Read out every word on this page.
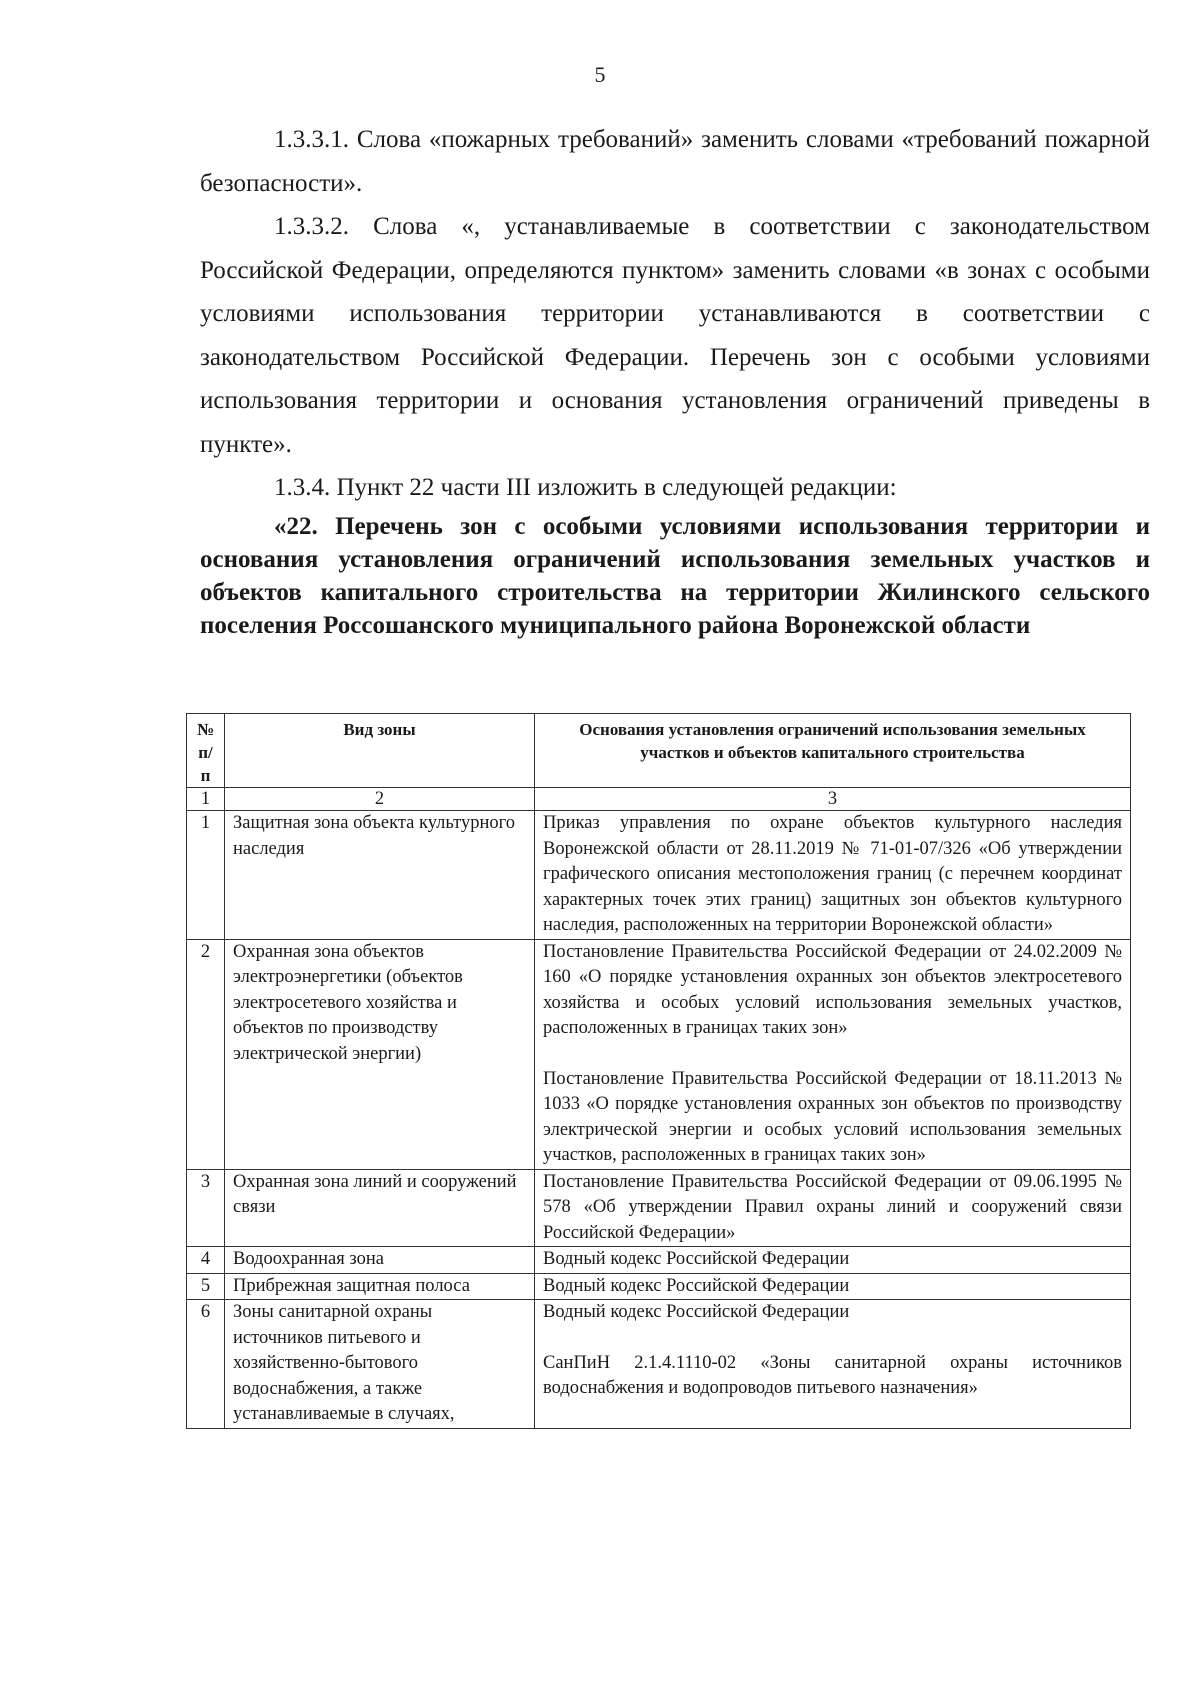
5

1.3.3.1. Слова «пожарных требований» заменить словами «требований пожарной безопасности».

1.3.3.2. Слова «, устанавливаемые в соответствии с законодательством Российской Федерации, определяются пунктом» заменить словами «в зонах с особыми условиями использования территории устанавливаются в соответствии с законодательством Российской Федерации. Перечень зон с особыми условиями использования территории и основания установления ограничений приведены в пункте».

1.3.4. Пункт 22 части III изложить в следующей редакции:

«22. Перечень зон с особыми условиями использования территории и основания установления ограничений использования земельных участков и объектов капитального строительства на территории Жилинского сельского поселения Россошанского муниципального района Воронежской области

№ п/п	Вид зоны	Основания установления ограничений использования земельных участков и объектов капитального строительства
1	2	3
1	Защитная зона объекта культурного наследия	Приказ управления по охране объектов культурного наследия Воронежской области от 28.11.2019 № 71-01-07/326 «Об утверждении графического описания местоположения границ (с перечнем координат характерных точек этих границ) защитных зон объектов культурного наследия, расположенных на территории Воронежской области»

2	Охранная зона объектов электроэнергетики (объектов электросетевого хозяйства и объектов по производству электрической энергии)	Постановление Правительства Российской Федерации от 24.02.2009 № 160 «О порядке установления охранных зон объектов электросетевого хозяйства и особых условий использования земельных участков, расположенных в границах таких зон»

Постановление Правительства Российской Федерации от 18.11.2013 № 1033 «О порядке установления охранных зон объектов по производству электрической энергии и особых условий использования земельных участков, расположенных в границах таких зон»

3	Охранная зона линий и сооружений связи	Постановление Правительства Российской Федерации от 09.06.1995 № 578 «Об утверждении Правил охраны линий и сооружений связи Российской Федерации»

4	Водоохранная зона	Водный кодекс Российской Федерации

5	Прибрежная защитная полоса	Водный кодекс Российской Федерации

6	Зоны санитарной охраны источников питьевого и хозяйственно-бытового водоснабжения, а также устанавливаемые в случаях,	Водный кодекс Российской Федерации

СанПиН 2.1.4.1110-02 «Зоны санитарной охраны источников водоснабжения и водопроводов питьевого назначения»
